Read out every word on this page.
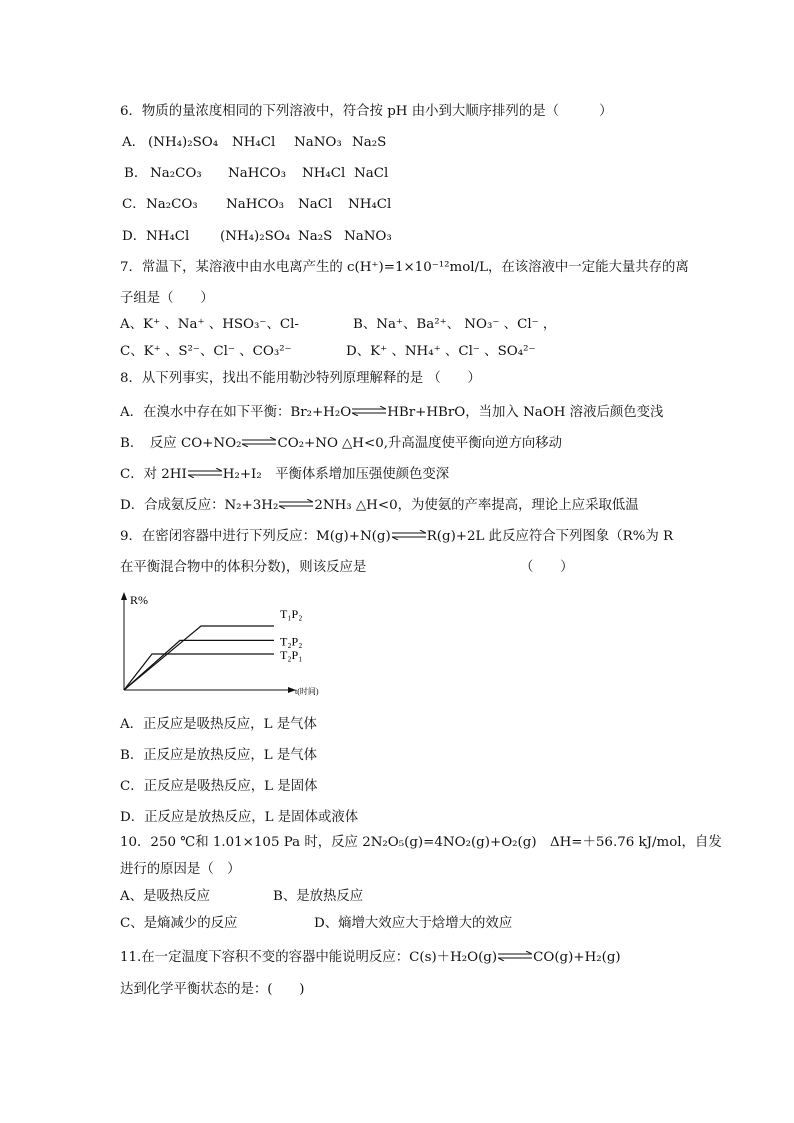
6．物质的量浓度相同的下列溶液中，符合按 pH 由小到大顺序排列的是（　　　）
A． (NH₄)₂SO₄ NH₄Cl NaNO₃ Na₂S
B． Na₂CO₃ NaHCO₃ NH₄Cl NaCl
C． Na₂CO₃ NaHCO₃ NaCl NH₄Cl
D． NH₄Cl (NH₄)₂SO₄ Na₂S NaNO₃
7．常温下，某溶液中由水电离产生的 c(H⁺)=1×10⁻¹²mol/L，在该溶液中一定能大量共存的离
子组是（　　）
A、K⁺ 、Na⁺ 、HSO₃⁻、Cl-	B、Na⁺、Ba²⁺、 NO₃⁻ 、Cl⁻ ，
C、K⁺ 、S²⁻、Cl⁻ 、CO₃²⁻	D、K⁺ 、NH₄⁺ 、Cl⁻ 、SO₄²⁻
8．从下列事实，找出不能用勒沙特列原理解释的是 （　　）
A．在溴水中存在如下平衡：Br₂+H₂O	HBr+HBrO，当加入 NaOH 溶液后颜色变浅
B．　反应 CO+NO₂	CO₂+NO △H<0,升高温度使平衡向逆方向移动
C．对 2HI	H₂+I₂　平衡体系增加压强使颜色变深
D．合成氨反应：N₂+3H₂	2NH₃ △H<0，为使氨的产率提高，理论上应采取低温
9．在密闭容器中进行下列反应：M(g)+N(g)	R(g)+2L 此反应符合下列图象（R%为 R
在平衡混合物中的体积分数)，则该反应是	（　　）
R%
t(时间)
T₁P₂
T₂P₂
T₂P₁
A．正反应是吸热反应，L 是气体
B．正反应是放热反应，L 是气体
C．正反应是吸热反应，L 是固体
D．正反应是放热反应，L 是固体或液体
10．250 ℃和 1.01×105 Pa 时，反应 2N₂O₅(g)=4NO₂(g)+O₂(g)　ΔH=＋56.76 kJ/mol，自发
进行的原因是（　）
A、是吸热反应	B、是放热反应
C、是熵减少的反应	D、熵增大效应大于焓增大的效应
11.在一定温度下容积不变的容器中能说明反应：C(s)＋H₂O(g)	CO(g)+H₂(g)
达到化学平衡状态的是：(　　)
